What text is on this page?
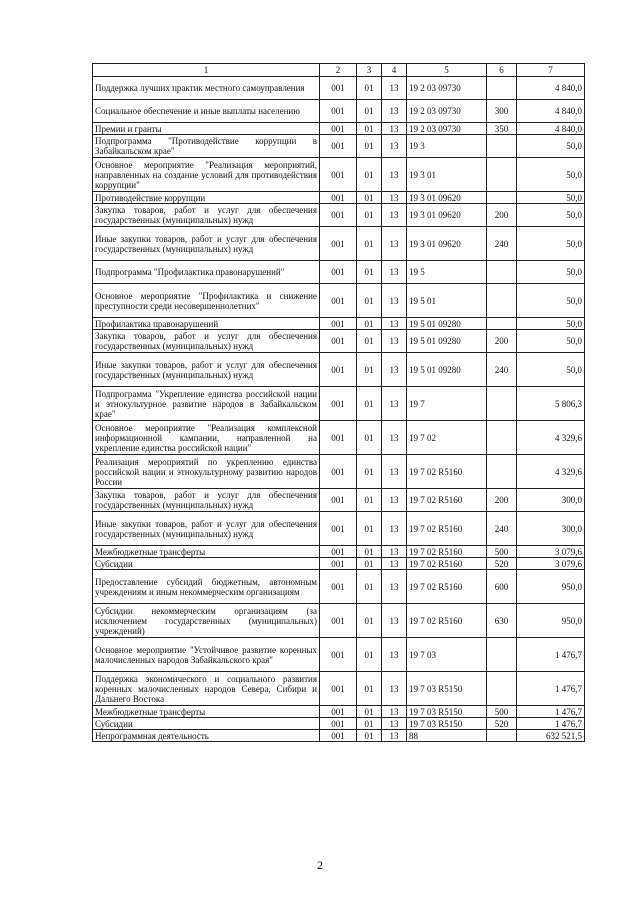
1	2	3	4	5	6	7
Поддержка лучших практик местного самоуправления	001	01	13	19 2 03 09730		4 840,0
Социальное обеспечение и иные выплаты населению	001	01	13	19 2 03 09730	300	4 840,0
Премии и гранты	001	01	13	19 2 03 09730	350	4 840,0
Подпрограмма "Противодействие коррупции в Забайкальском крае"	001	01	13	19 3		50,0
Основное мероприятие "Реализация мероприятий, направленных на создание условий для противодействия коррупции"	001	01	13	19 3 01		50,0
Противодействие коррупции	001	01	13	19 3 01 09620		50,0
Закупка товаров, работ и услуг для обеспечения государственных (муниципальных) нужд	001	01	13	19 3 01 09620	200	50,0
Иные закупки товаров, работ и услуг для обеспечения государственных (муниципальных) нужд	001	01	13	19 3 01 09620	240	50,0
Подпрограмма "Профилактика правонарушений"	001	01	13	19 5		50,0
Основное мероприятие "Профилактика и снижение преступности среди несовершеннолетних"	001	01	13	19 5 01		50,0
Профилактика правонарушений	001	01	13	19 5 01 09280		50,0
Закупка товаров, работ и услуг для обеспечения государственных (муниципальных) нужд	001	01	13	19 5 01 09280	200	50,0
Иные закупки товаров, работ и услуг для обеспечения государственных (муниципальных) нужд	001	01	13	19 5 01 09280	240	50,0
Подпрограмма "Укрепление единства российской нации и этнокультурное развитие народов в Забайкальском крае"	001	01	13	19 7		5 806,3
Основное мероприятие "Реализация комплексной информационной кампании, направленной на укрепление единства российской нации"	001	01	13	19 7 02		4 329,6
Реализация мероприятий по укреплению единства российской нации и этнокультурному развитию народов России	001	01	13	19 7 02 R5160		4 329,6
Закупка товаров, работ и услуг для обеспечения государственных (муниципальных) нужд	001	01	13	19 7 02 R5160	200	300,0
Иные закупки товаров, работ и услуг для обеспечения государственных (муниципальных) нужд	001	01	13	19 7 02 R5160	240	300,0
Межбюджетные трансферты	001	01	13	19 7 02 R5160	500	3 079,6
Субсидии	001	01	13	19 7 02 R5160	520	3 079,6
Предоставление субсидий бюджетным, автономным учреждениям и иным некоммерческим организациям	001	01	13	19 7 02 R5160	600	950,0
Субсидии некоммерческим организациям (за исключением государственных (муниципальных) учреждений)	001	01	13	19 7 02 R5160	630	950,0
Основное мероприятие "Устойчивое развитие коренных малочисленных народов Забайкальского края"	001	01	13	19 7 03		1 476,7
Поддержка экономического и социального развития коренных малочисленных народов Севера, Сибири и Дальнего Востока	001	01	13	19 7 03 R5150		1 476,7
Межбюджетные трансферты	001	01	13	19 7 03 R5150	500	1 476,7
Субсидии	001	01	13	19 7 03 R5150	520	1 476,7
Непрограммная деятельность	001	01	13	88		632 521,5
2
